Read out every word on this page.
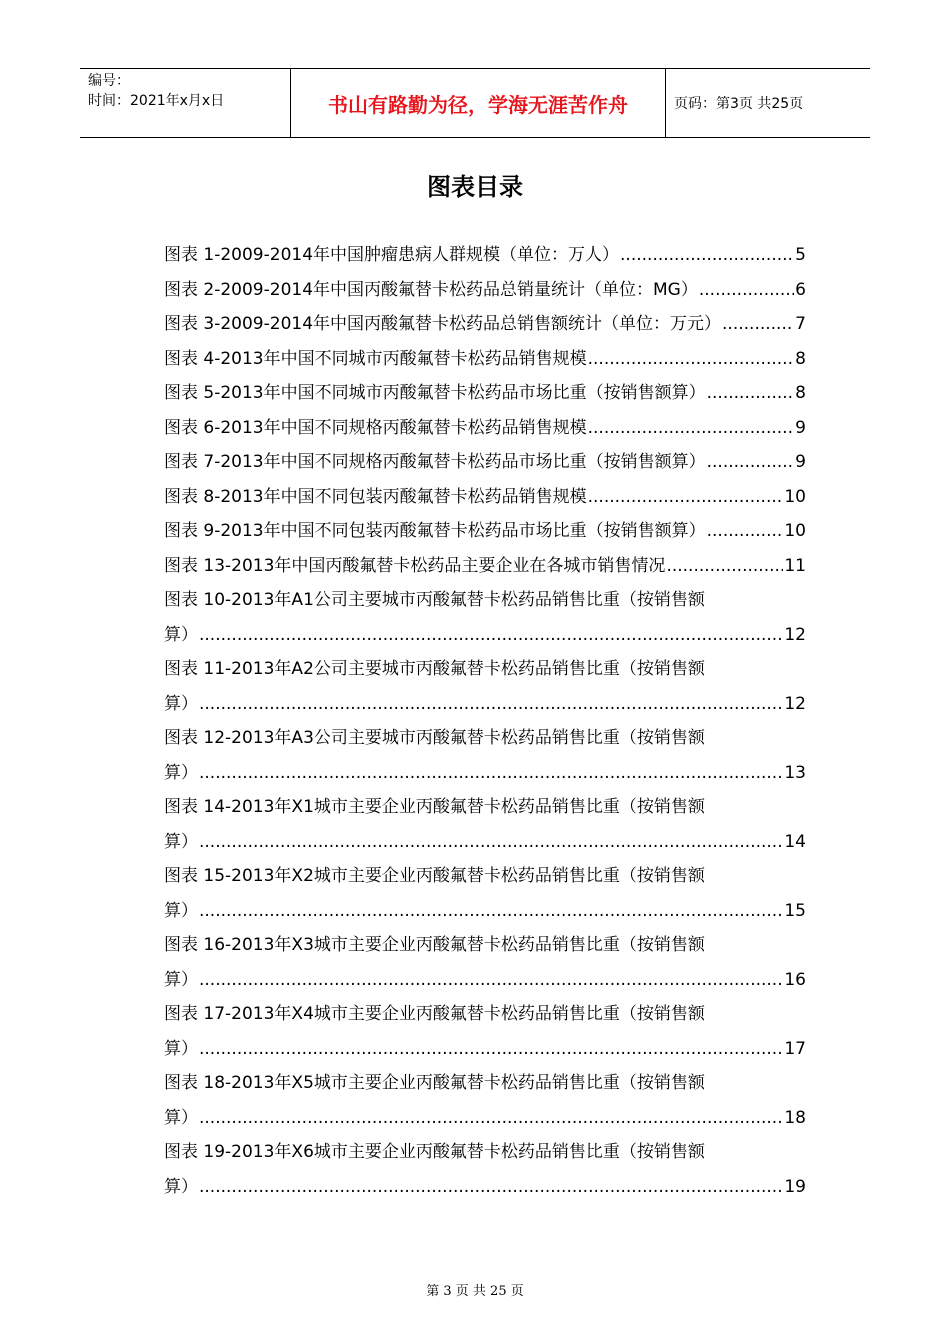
编号：
时间：2021年x月x日	书山有路勤为径，学海无涯苦作舟	页码：第3页 共25页
图表目录
图表 1-2009-2014年中国肿瘤患病人群规模（单位：万人） .....	5
图表 2-2009-2014年中国丙酸氟替卡松药品总销量统计（单位：MG） .....	6
图表 3-2009-2014年中国丙酸氟替卡松药品总销售额统计（单位：万元） .....	7
图表 4-2013年中国不同城市丙酸氟替卡松药品销售规模 .....	8
图表 5-2013年中国不同城市丙酸氟替卡松药品市场比重（按销售额算） .....	8
图表 6-2013年中国不同规格丙酸氟替卡松药品销售规模 .....	9
图表 7-2013年中国不同规格丙酸氟替卡松药品市场比重（按销售额算） .....	9
图表 8-2013年中国不同包装丙酸氟替卡松药品销售规模 .....	10
图表 9-2013年中国不同包装丙酸氟替卡松药品市场比重（按销售额算） .....	10
图表 13-2013年中国丙酸氟替卡松药品主要企业在各城市销售情况 .....	11
图表 10-2013年A1公司主要城市丙酸氟替卡松药品销售比重（按销售额
算） .....	12
图表 11-2013年A2公司主要城市丙酸氟替卡松药品销售比重（按销售额
算） .....	12
图表 12-2013年A3公司主要城市丙酸氟替卡松药品销售比重（按销售额
算） .....	13
图表 14-2013年X1城市主要企业丙酸氟替卡松药品销售比重（按销售额
算） .....	14
图表 15-2013年X2城市主要企业丙酸氟替卡松药品销售比重（按销售额
算） .....	15
图表 16-2013年X3城市主要企业丙酸氟替卡松药品销售比重（按销售额
算） .....	16
图表 17-2013年X4城市主要企业丙酸氟替卡松药品销售比重（按销售额
算） .....	17
图表 18-2013年X5城市主要企业丙酸氟替卡松药品销售比重（按销售额
算） .....	18
图表 19-2013年X6城市主要企业丙酸氟替卡松药品销售比重（按销售额
算） .....	19
第 3 页 共 25 页
